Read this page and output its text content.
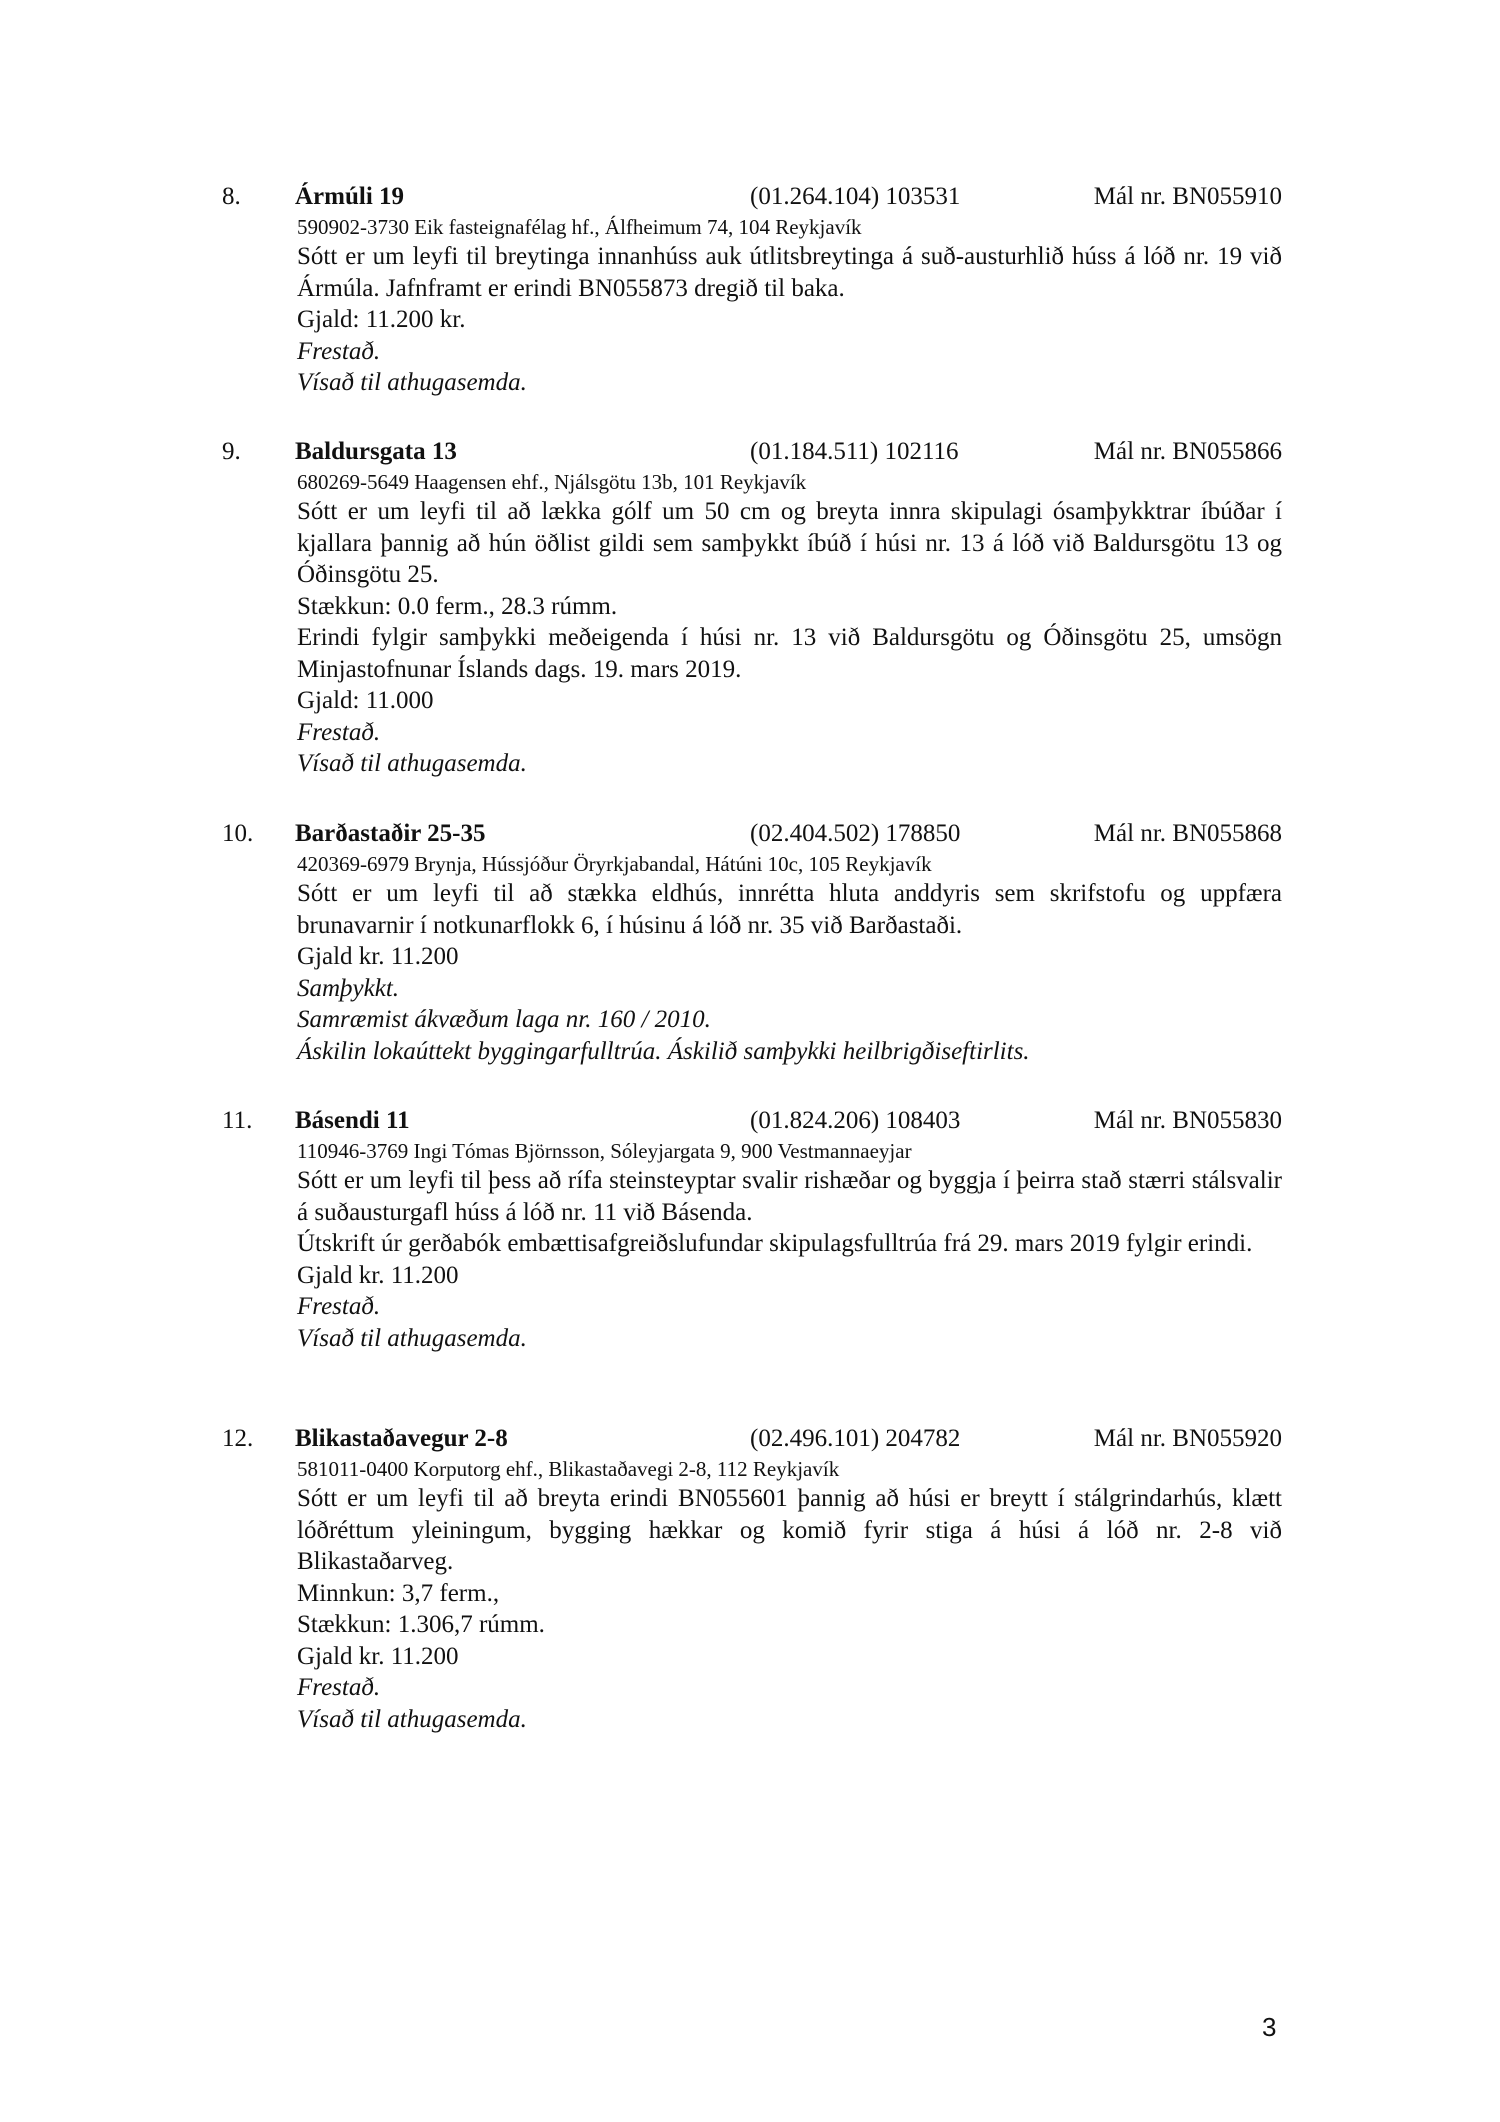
8. Ármúli 19	(01.264.104) 103531	Mál nr. BN055910
590902-3730 Eik fasteignafélag hf., Álfheimum 74, 104 Reykjavík
Sótt er um leyfi til breytinga innanhúss auk útlitsbreytinga á suð-austurhlið húss á lóð nr. 19 við Ármúla. Jafnframt er erindi BN055873 dregið til baka.
Gjald: 11.200 kr.
Frestað.
Vísað til athugasemda.
9. Baldursgata 13	(01.184.511) 102116	Mál nr. BN055866
680269-5649 Haagensen ehf., Njálsgötu 13b, 101 Reykjavík
Sótt er um leyfi til að lækka gólf um 50 cm og breyta innra skipulagi ósamþykktrar íbúðar í kjallara þannig að hún öðlist gildi sem samþykkt íbúð í húsi nr. 13 á lóð við Baldursgötu 13 og Óðinsgötu 25.
Stækkun: 0.0 ferm., 28.3 rúmm.
Erindi fylgir samþykki meðeigenda í húsi nr. 13 við Baldursgötu og Óðinsgötu 25, umsögn Minjastofnunar Íslands dags. 19. mars 2019.
Gjald: 11.000
Frestað.
Vísað til athugasemda.
10. Barðastaðir 25-35	(02.404.502) 178850	Mál nr. BN055868
420369-6979 Brynja, Hússjóður Öryrkjabandal, Hátúni 10c, 105 Reykjavík
Sótt er um leyfi til að stækka eldhús, innrétta hluta anddyris sem skrifstofu og uppfæra brunavarnir í notkunarflokk 6, í húsinu á lóð nr. 35 við Barðastaði.
Gjald kr. 11.200
Samþykkt.
Samræmist ákvæðum laga nr. 160 / 2010.
Áskilin lokaúttekt byggingarfulltrúa. Áskilið samþykki heilbrigðiseftirlits.
11. Básendi 11	(01.824.206) 108403	Mál nr. BN055830
110946-3769 Ingi Tómas Björnsson, Sóleyjargata 9, 900 Vestmannaeyjar
Sótt er um leyfi til þess að rífa steinsteyptar svalir rishæðar og byggja í þeirra stað stærri stálsvalir á suðausturgafl húss á lóð nr. 11 við Básenda.
Útskrift úr gerðabók embættisafgreiðslufundar skipulagsfulltrúa frá 29. mars 2019 fylgir erindi.
Gjald kr. 11.200
Frestað.
Vísað til athugasemda.
12. Blikastaðavegur 2-8	(02.496.101) 204782	Mál nr. BN055920
581011-0400 Korputorg ehf., Blikastaðavegi 2-8, 112 Reykjavík
Sótt er um leyfi til að breyta erindi BN055601 þannig að húsi er breytt í stálgrindarhús, klætt lóðréttum yleiningum, bygging hækkar og komið fyrir stiga á húsi á lóð nr. 2-8 við Blikastaðarveg.
Minnkun: 3,7 ferm.,
Stækkun: 1.306,7 rúmm.
Gjald kr. 11.200
Frestað.
Vísað til athugasemda.
3
